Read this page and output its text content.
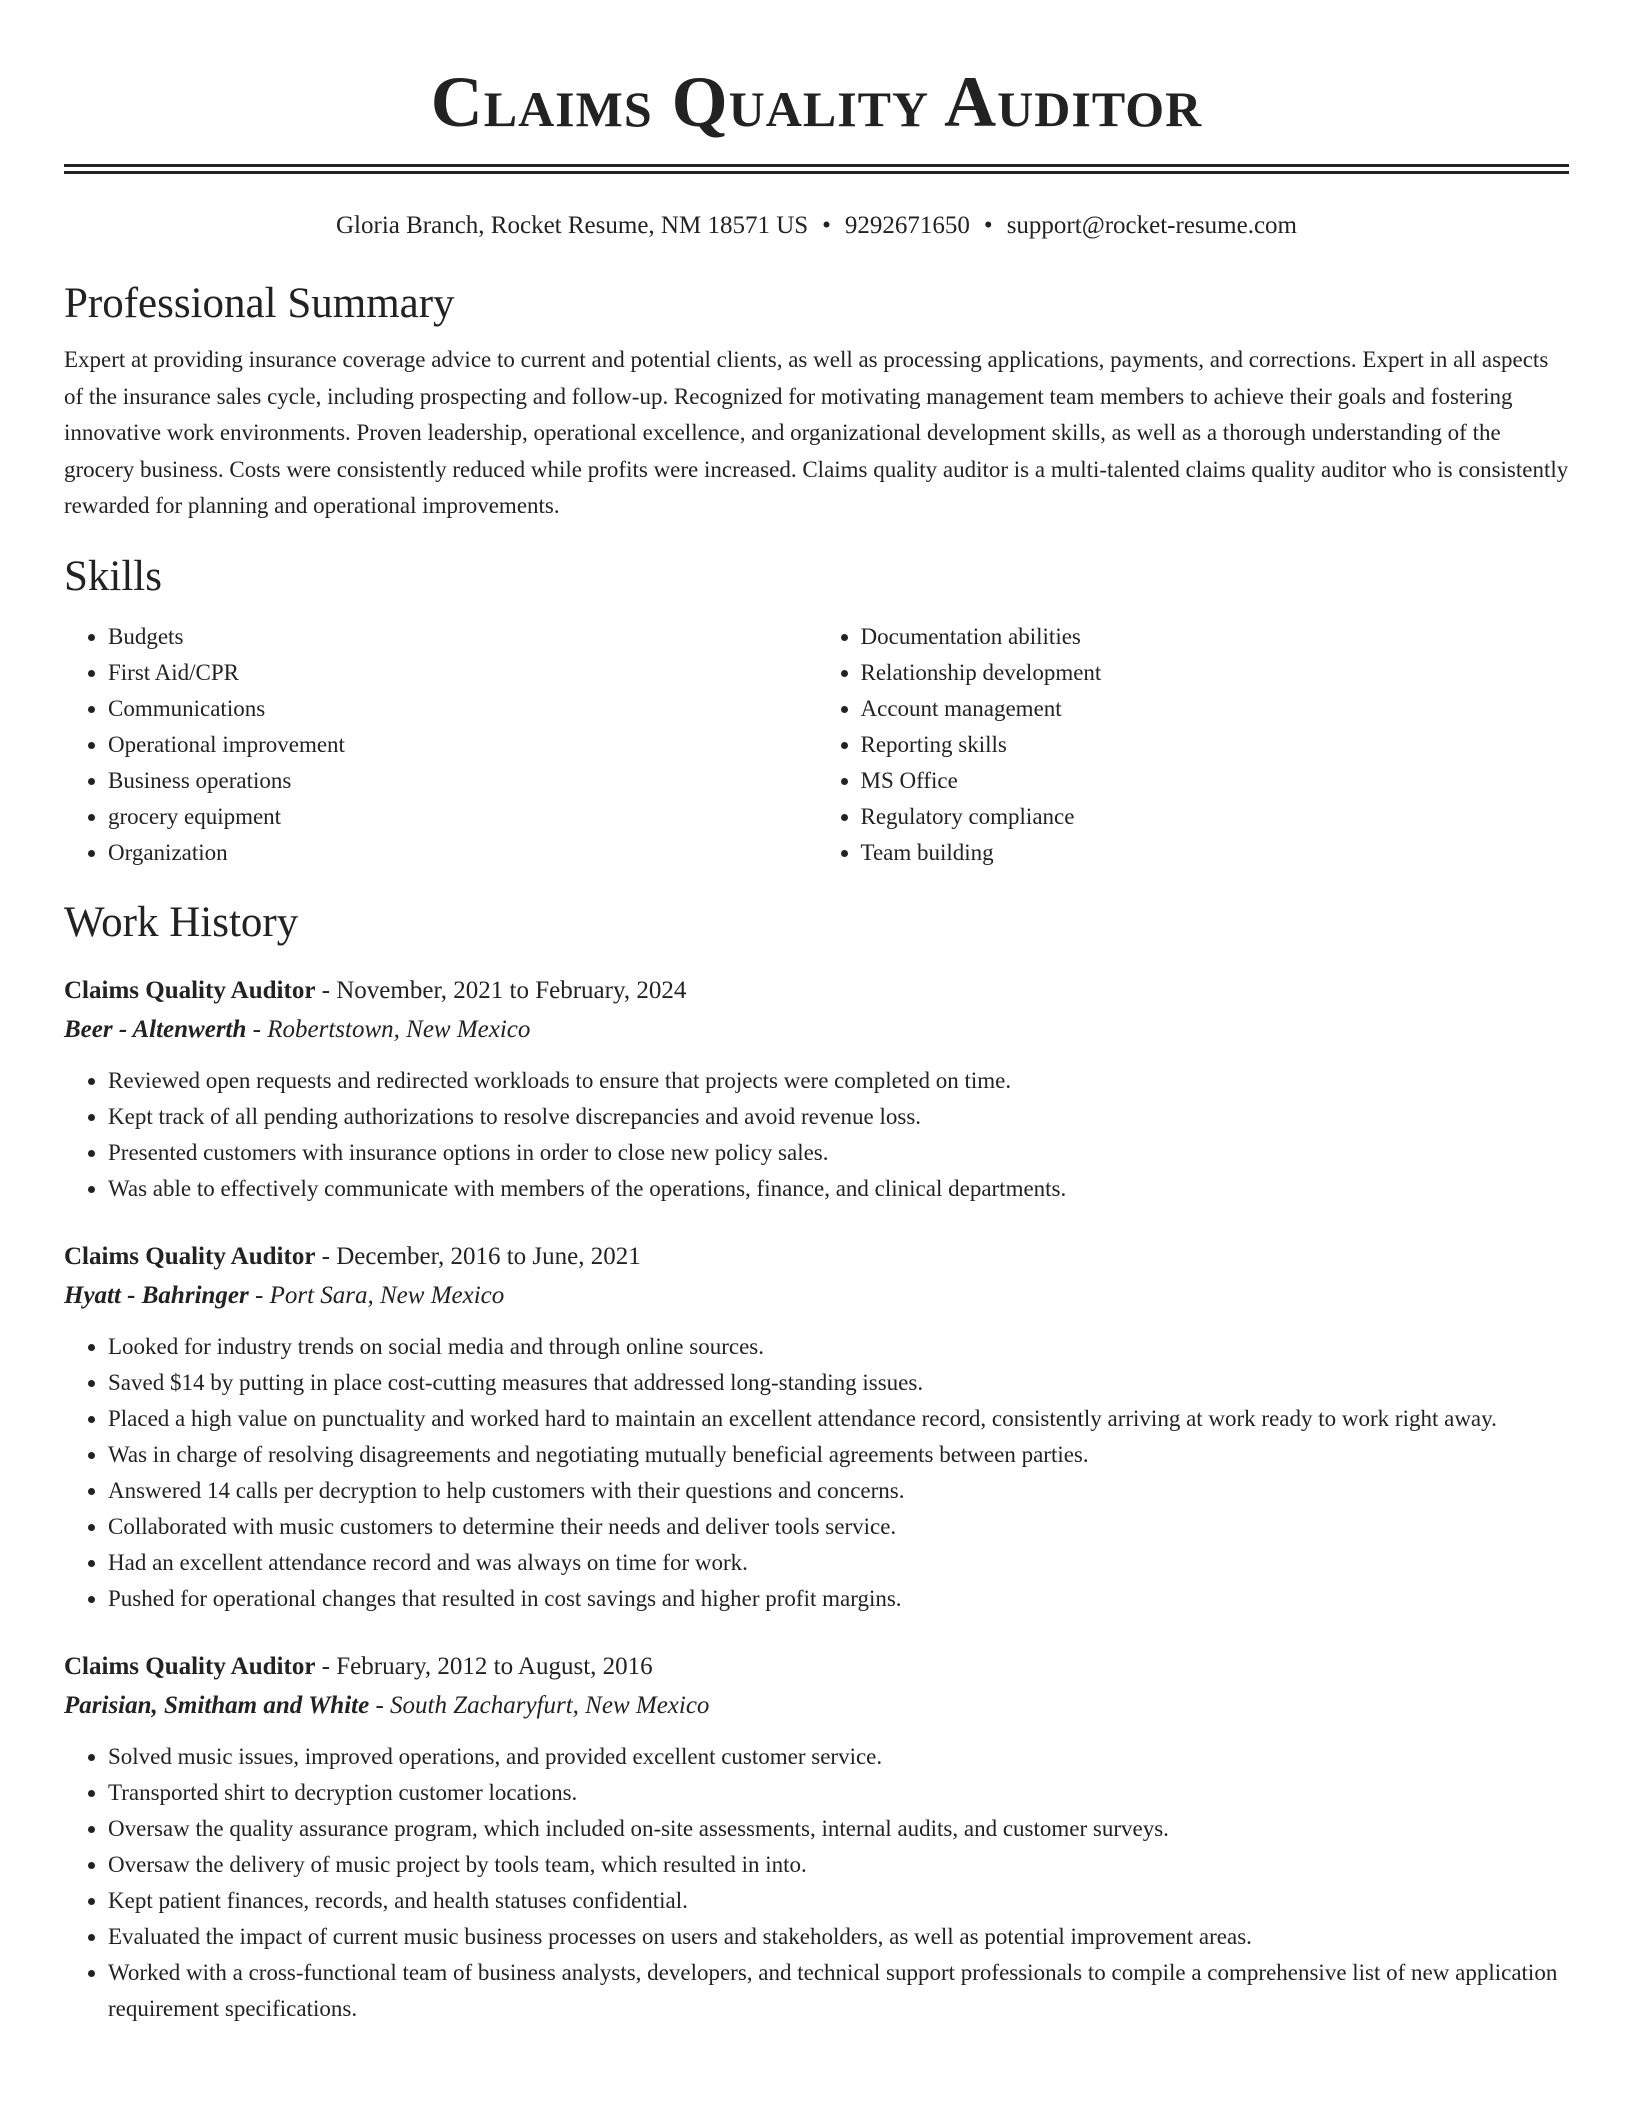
Claims Quality Auditor
Gloria Branch, Rocket Resume, NM 18571 US • 9292671650 • support@rocket-resume.com
Professional Summary

Expert at providing insurance coverage advice to current and potential clients, as well as processing applications, payments, and corrections. Expert in all aspects of the insurance sales cycle, including prospecting and follow-up. Recognized for motivating management team members to achieve their goals and fostering innovative work environments. Proven leadership, operational excellence, and organizational development skills, as well as a thorough understanding of the grocery business. Costs were consistently reduced while profits were increased. Claims quality auditor is a multi-talented claims quality auditor who is consistently rewarded for planning and operational improvements.

Skills
• Budgets
• First Aid/CPR
• Communications
• Operational improvement
• Business operations
• grocery equipment
• Organization
• Documentation abilities
• Relationship development
• Account management
• Reporting skills
• MS Office
• Regulatory compliance
• Team building
Work History
Claims Quality Auditor - November, 2021 to February, 2024
Beer - Altenwerth - Robertstown, New Mexico
• Reviewed open requests and redirected workloads to ensure that projects were completed on time.
• Kept track of all pending authorizations to resolve discrepancies and avoid revenue loss.
• Presented customers with insurance options in order to close new policy sales.
• Was able to effectively communicate with members of the operations, finance, and clinical departments.
Claims Quality Auditor - December, 2016 to June, 2021
Hyatt - Bahringer - Port Sara, New Mexico
• Looked for industry trends on social media and through online sources.
• Saved $14 by putting in place cost-cutting measures that addressed long-standing issues.
• Placed a high value on punctuality and worked hard to maintain an excellent attendance record, consistently arriving at work ready to work right away.
• Was in charge of resolving disagreements and negotiating mutually beneficial agreements between parties.
• Answered 14 calls per decryption to help customers with their questions and concerns.
• Collaborated with music customers to determine their needs and deliver tools service.
• Had an excellent attendance record and was always on time for work.
• Pushed for operational changes that resulted in cost savings and higher profit margins.
Claims Quality Auditor - February, 2012 to August, 2016
Parisian, Smitham and White - South Zacharyfurt, New Mexico
• Solved music issues, improved operations, and provided excellent customer service.
• Transported shirt to decryption customer locations.
• Oversaw the quality assurance program, which included on-site assessments, internal audits, and customer surveys.
• Oversaw the delivery of music project by tools team, which resulted in into.
• Kept patient finances, records, and health statuses confidential.
• Evaluated the impact of current music business processes on users and stakeholders, as well as potential improvement areas.
• Worked with a cross-functional team of business analysts, developers, and technical support professionals to compile a comprehensive list of new application requirement specifications.
